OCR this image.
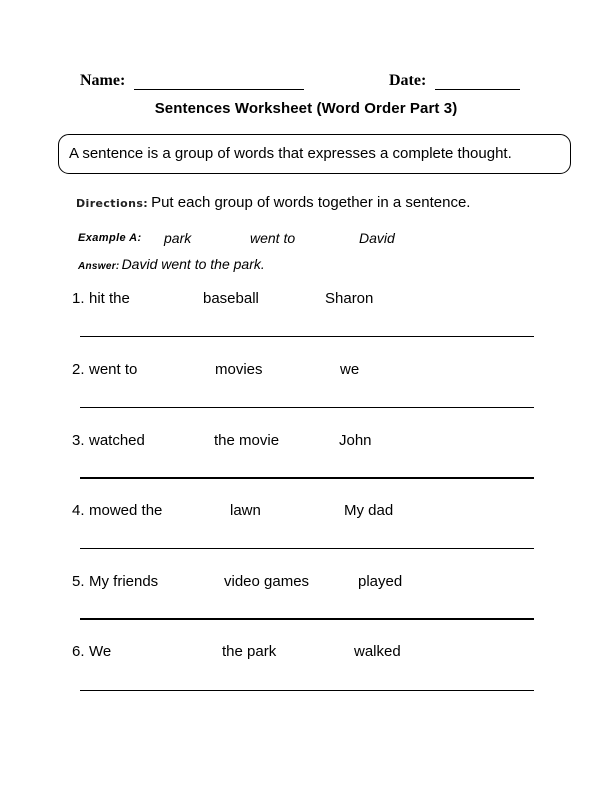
Name:	Date:
Sentences Worksheet (Word Order Part 3)
A sentence is a group of words that expresses a complete thought.
Directions: Put each group of words together in a sentence.
Example A: park	went to	David
Answer: David went to the park.
1. hit the	baseball	Sharon
2. went to	movies	we
3. watched	the movie	John
4. mowed the	lawn	My dad
5. My friends	video games	played
6. We	the park	walked
